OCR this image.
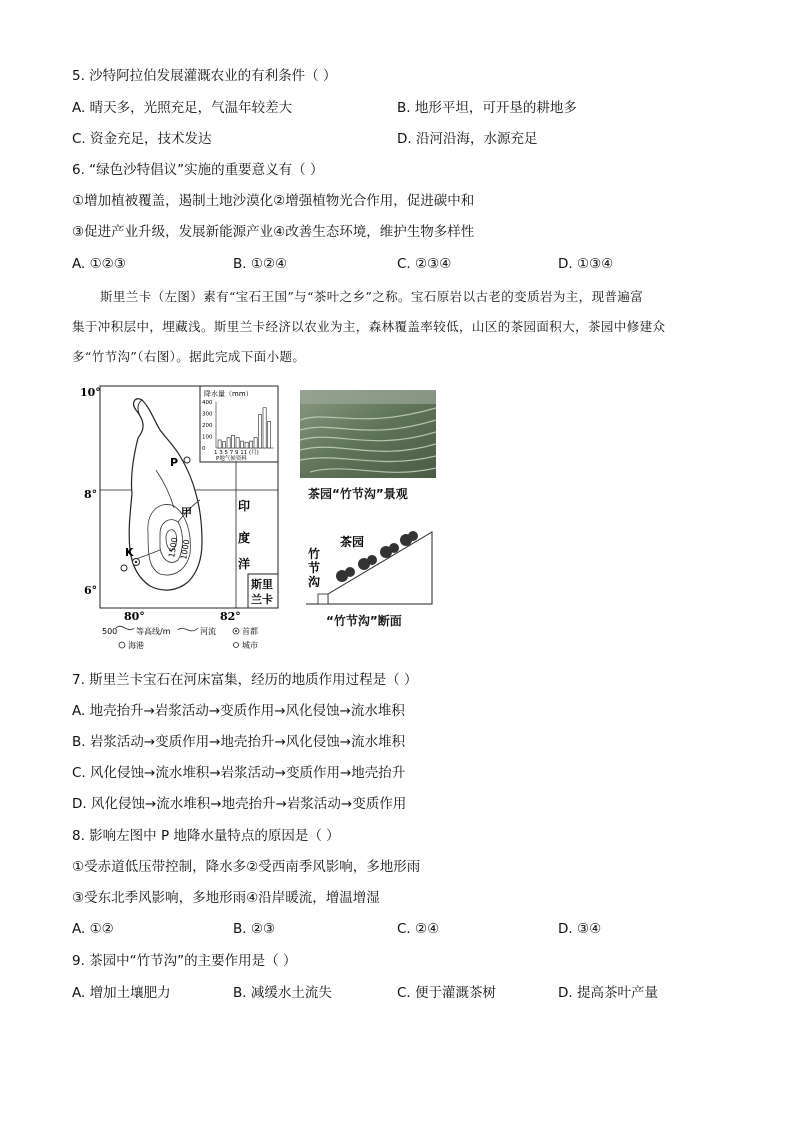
5. 沙特阿拉伯发展灌溉农业的有利条件（ ）
A. 晴天多，光照充足，气温年较差大	B. 地形平坦，可开垦的耕地多
C. 资金充足，技术发达	D. 沿河沿海，水源充足
6. “绿色沙特倡议”实施的重要意义有（ ）
①增加植被覆盖，遏制土地沙漠化②增强植物光合作用，促进碳中和
③促进产业升级，发展新能源产业④改善生态环境，维护生物多样性
A. ①②③	B. ①②④	C. ②③④	D. ①③④
斯里兰卡（左图）素有“宝石王国”与“茶叶之乡”之称。宝石原岩以古老的变质岩为主，现普遍富
集于冲积层中，埋藏浅。斯里兰卡经济以农业为主，森林覆盖率较低，山区的茶园面积大，茶园中修建众
多“竹节沟”（右图）。据此完成下面小题。
降水量（mm）
400
300
200
100
0
1 3 5 7 9 11 (月)
P地气候资料
10°
8°
6°
80°	82°
P
K
甲
1500 1000
印
度
洋
斯里
兰卡
500 等高线/m	河流	首都
海港	城市
茶园“竹节沟”景观
茶园
竹
节
沟
“竹节沟”断面
7. 斯里兰卡宝石在河床富集，经历的地质作用过程是（ ）
A. 地壳抬升→岩浆活动→变质作用→风化侵蚀→流水堆积
B. 岩浆活动→变质作用→地壳抬升→风化侵蚀→流水堆积
C. 风化侵蚀→流水堆积→岩浆活动→变质作用→地壳抬升
D. 风化侵蚀→流水堆积→地壳抬升→岩浆活动→变质作用
8. 影响左图中 P 地降水量特点的原因是（ ）
①受赤道低压带控制，降水多②受西南季风影响，多地形雨
③受东北季风影响，多地形雨④沿岸暖流，增温增湿
A. ①②	B. ②③	C. ②④	D. ③④
9. 茶园中“竹节沟”的主要作用是（ ）
A. 增加土壤肥力	B. 减缓水土流失	C. 便于灌溉茶树	D. 提高茶叶产量
